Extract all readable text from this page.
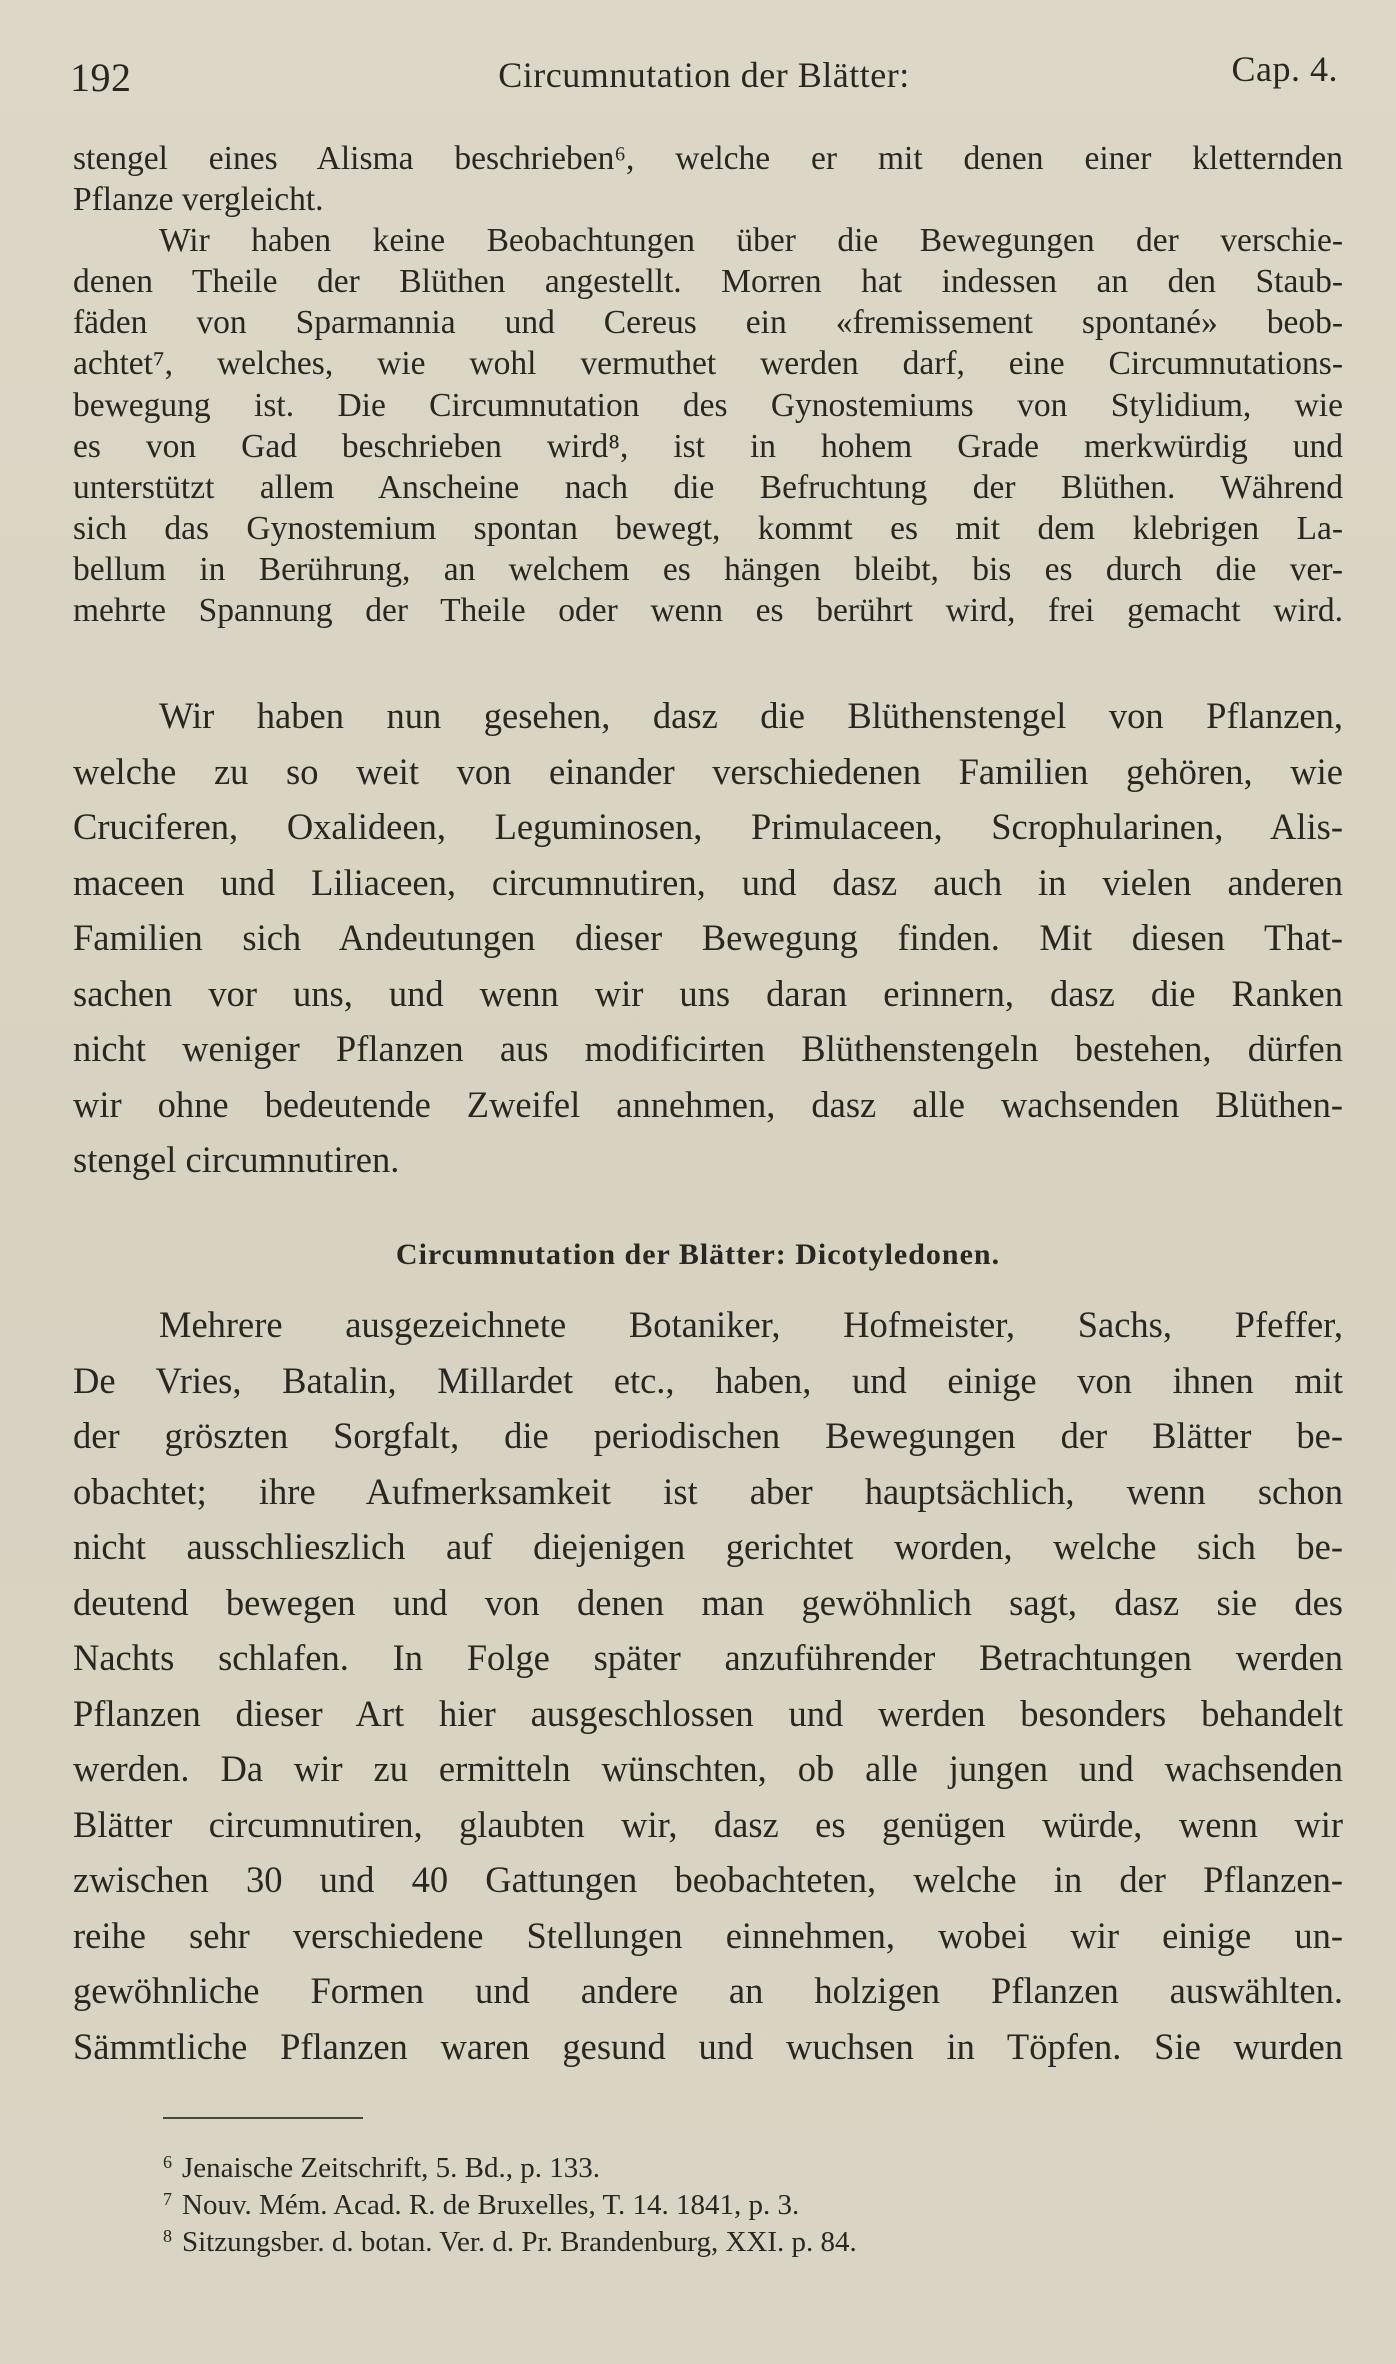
192	Circumnutation der Blätter:	Cap. 4.
stengel eines Alisma beschrieben⁶, welche er mit denen einer kletternden
Pflanze vergleicht.
Wir haben keine Beobachtungen über die Bewegungen der verschie-
denen Theile der Blüthen angestellt. Morren hat indessen an den Staub-
fäden von Sparmannia und Cereus ein «fremissement spontané» beob-
achtet⁷, welches, wie wohl vermuthet werden darf, eine Circumnutations-
bewegung ist. Die Circumnutation des Gynostemiums von Stylidium, wie
es von Gad beschrieben wird⁸, ist in hohem Grade merkwürdig und
unterstützt allem Anscheine nach die Befruchtung der Blüthen. Während
sich das Gynostemium spontan bewegt, kommt es mit dem klebrigen La-
bellum in Berührung, an welchem es hängen bleibt, bis es durch die ver-
mehrte Spannung der Theile oder wenn es berührt wird, frei gemacht wird.
Wir haben nun gesehen, dasz die Blüthenstengel von Pflanzen,
welche zu so weit von einander verschiedenen Familien gehören, wie
Cruciferen, Oxalideen, Leguminosen, Primulaceen, Scrophularinen, Alis-
maceen und Liliaceen, circumnutiren, und dasz auch in vielen anderen
Familien sich Andeutungen dieser Bewegung finden. Mit diesen That-
sachen vor uns, und wenn wir uns daran erinnern, dasz die Ranken
nicht weniger Pflanzen aus modificirten Blüthenstengeln bestehen, dürfen
wir ohne bedeutende Zweifel annehmen, dasz alle wachsenden Blüthen-
stengel circumnutiren.
Circumnutation der Blätter: Dicotyledonen.
Mehrere ausgezeichnete Botaniker, Hofmeister, Sachs, Pfeffer,
De Vries, Batalin, Millardet etc., haben, und einige von ihnen mit
der gröszten Sorgfalt, die periodischen Bewegungen der Blätter be-
obachtet; ihre Aufmerksamkeit ist aber hauptsächlich, wenn schon
nicht ausschlieszlich auf diejenigen gerichtet worden, welche sich be-
deutend bewegen und von denen man gewöhnlich sagt, dasz sie des
Nachts schlafen. In Folge später anzuführender Betrachtungen werden
Pflanzen dieser Art hier ausgeschlossen und werden besonders behandelt
werden. Da wir zu ermitteln wünschten, ob alle jungen und wachsenden
Blätter circumnutiren, glaubten wir, dasz es genügen würde, wenn wir
zwischen 30 und 40 Gattungen beobachteten, welche in der Pflanzen-
reihe sehr verschiedene Stellungen einnehmen, wobei wir einige un-
gewöhnliche Formen und andere an holzigen Pflanzen auswählten.
Sämmtliche Pflanzen waren gesund und wuchsen in Töpfen. Sie wurden
$^6$ Jenaische Zeitschrift, 5. Bd., p. 133.
$^7$ Nouv. Mém. Acad. R. de Bruxelles, T. 14. 1841, p. 3.
$^8$ Sitzungsber. d. botan. Ver. d. Pr. Brandenburg, XXI. p. 84.
